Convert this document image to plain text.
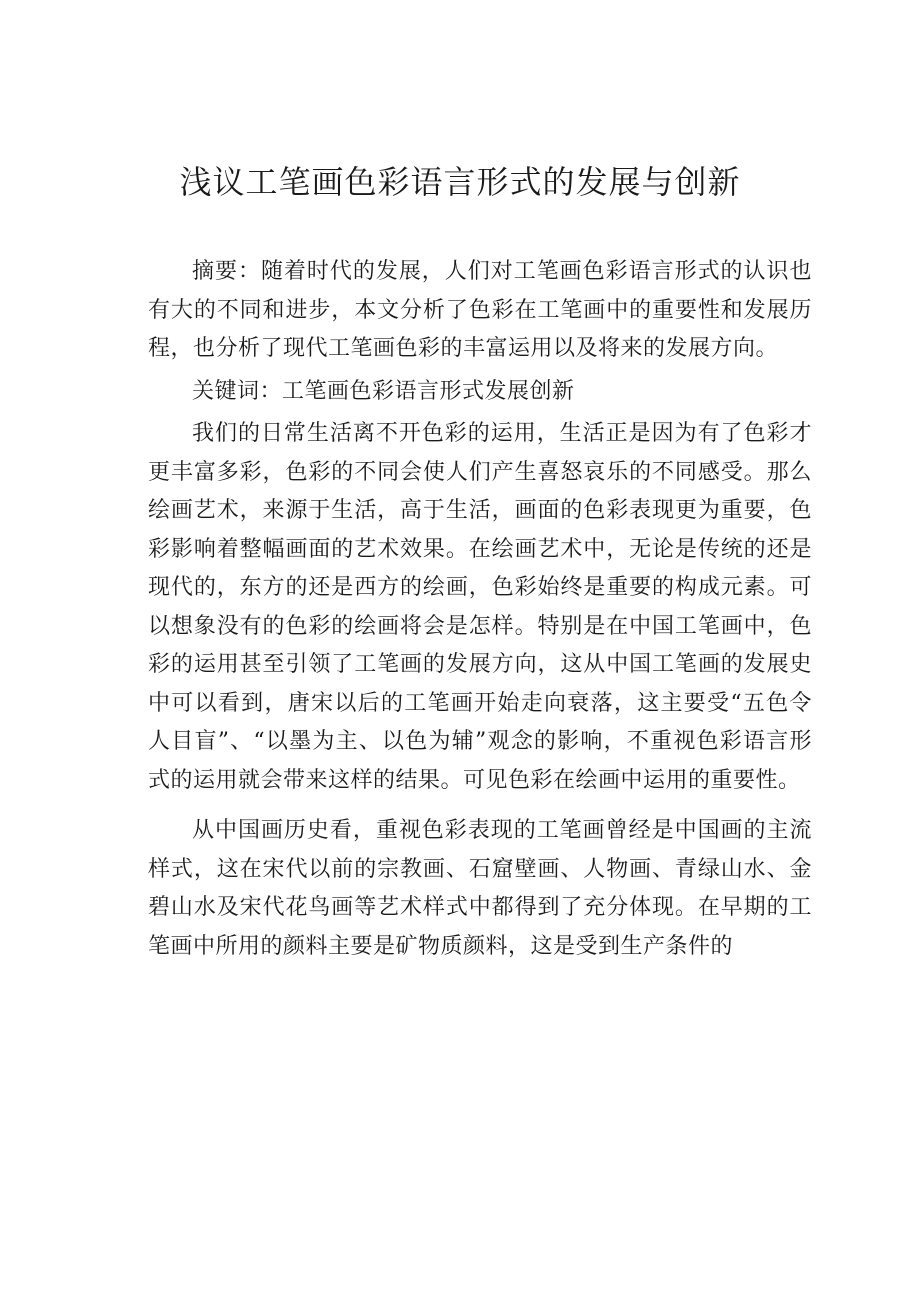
浅议工笔画色彩语言形式的发展与创新

摘要：随着时代的发展，人们对工笔画色彩语言形式的认识也有大的不同和进步，本文分析了色彩在工笔画中的重要性和发展历程，也分析了现代工笔画色彩的丰富运用以及将来的发展方向。

关键词：工笔画色彩语言形式发展创新

我们的日常生活离不开色彩的运用，生活正是因为有了色彩才更丰富多彩，色彩的不同会使人们产生喜怒哀乐的不同感受。那么绘画艺术，来源于生活，高于生活，画面的色彩表现更为重要，色彩影响着整幅画面的艺术效果。在绘画艺术中，无论是传统的还是现代的，东方的还是西方的绘画，色彩始终是重要的构成元素。可以想象没有的色彩的绘画将会是怎样。特别是在中国工笔画中，色彩的运用甚至引领了工笔画的发展方向，这从中国工笔画的发展史中可以看到，唐宋以后的工笔画开始走向衰落，这主要受“五色令人目盲”、“以墨为主、以色为辅”观念的影响，不重视色彩语言形式的运用就会带来这样的结果。可见色彩在绘画中运用的重要性。

从中国画历史看，重视色彩表现的工笔画曾经是中国画的主流样式，这在宋代以前的宗教画、石窟壁画、人物画、青绿山水、金碧山水及宋代花鸟画等艺术样式中都得到了充分体现。在早期的工笔画中所用的颜料主要是矿物质颜料，这是受到生产条件的
